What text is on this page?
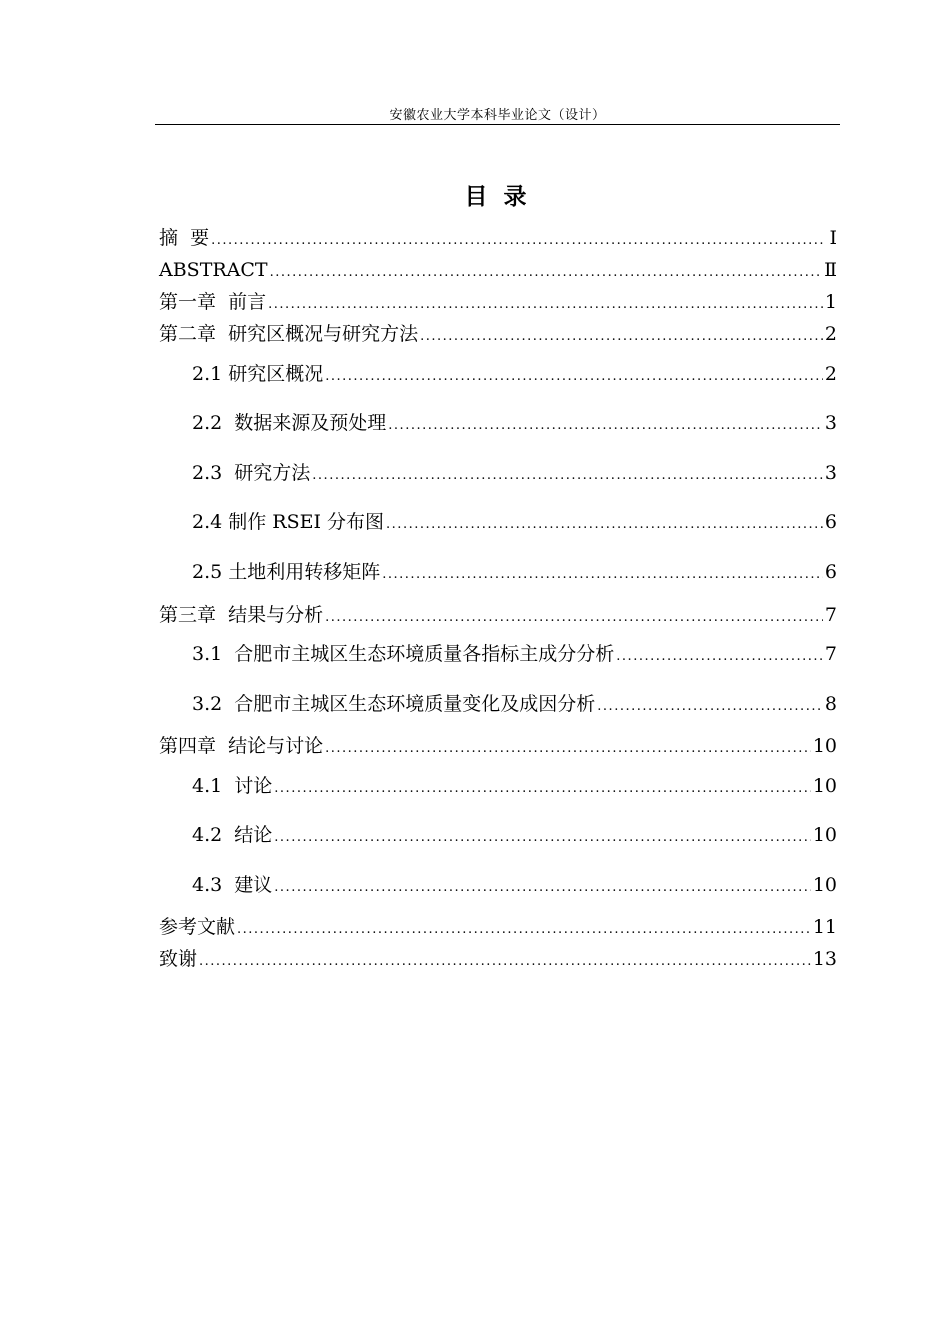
安徽农业大学本科毕业论文（设计）
目 录
摘  要 .....	Ⅰ
ABSTRACT .....	Ⅱ
第一章  前言 .....	1
第二章  研究区概况与研究方法 .....	2
2.1 研究区概况 .....	2
2.2  数据来源及预处理 .....	3
2.3  研究方法 .....	3
2.4 制作 RSEI 分布图 .....	6
2.5 土地利用转移矩阵 .....	6
第三章  结果与分析 .....	7
3.1  合肥市主城区生态环境质量各指标主成分分析 .....	7
3.2  合肥市主城区生态环境质量变化及成因分析 .....	8
第四章  结论与讨论 .....	10
4.1  讨论 .....	10
4.2  结论 .....	10
4.3  建议 .....	10
参考文献 .....	11
致谢 .....	13
